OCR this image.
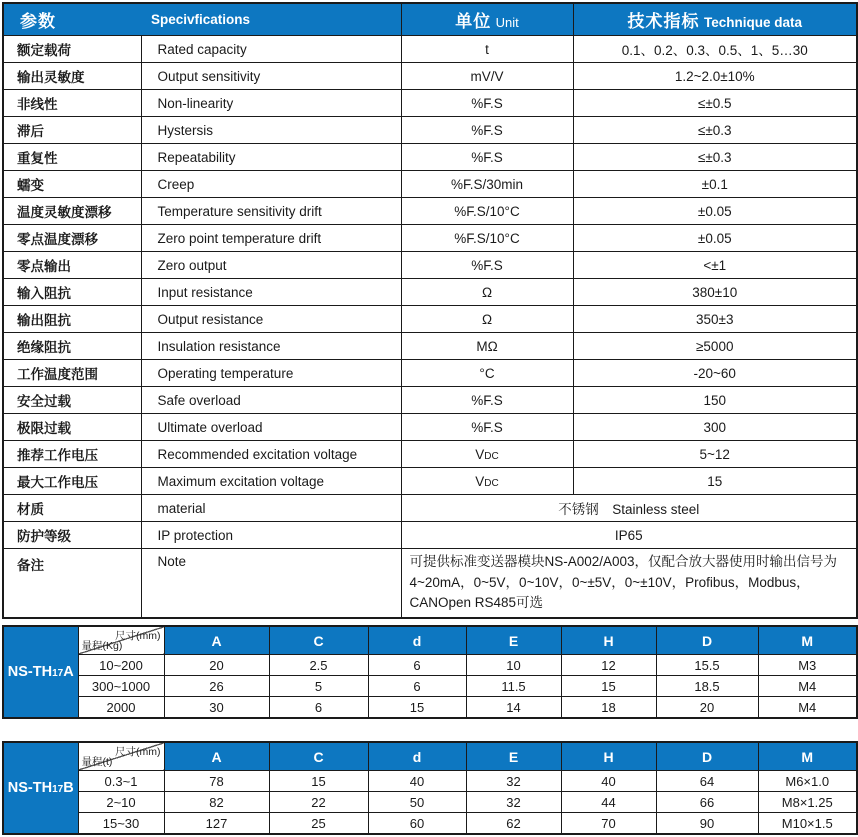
参数	Specivfications	单位 Unit	技术指标 Technique data
额定载荷	Rated capacity	t	0.1、0.2、0.3、0.5、1、5…30
输出灵敏度	Output sensitivity	mV/V	1.2~2.0±10%
非线性	Non-linearity	%F.S	≤±0.5
滞后	Hystersis	%F.S	≤±0.3
重复性	Repeatability	%F.S	≤±0.3
蠕变	Creep	%F.S/30min	±0.1
温度灵敏度漂移	Temperature sensitivity drift	%F.S/10°C	±0.05
零点温度漂移	Zero point temperature drift	%F.S/10°C	±0.05
零点输出	Zero output	%F.S	<±1
输入阻抗	Input resistance	Ω	380±10
输出阻抗	Output resistance	Ω	350±3
绝缘阻抗	Insulation resistance	MΩ	≥5000
工作温度范围	Operating temperature	°C	-20~60
安全过载	Safe overload	%F.S	150
极限过载	Ultimate overload	%F.S	300
推荐工作电压	Recommended excitation voltage	VDC	5~12
最大工作电压	Maximum excitation voltage	VDC	15
材质	material	不锈钢　Stainless steel	
防护等级	IP protection	IP65	
备注	Note	可提供标准变送器模块NS-A002/A003，仅配合放大器使用时输出信号为
4~20mA，0~5V，0~10V，0~±5V，0~±10V，Profibus，Modbus，
CANOpen RS485可选	
NS-TH17A	尺寸(mm)
量程(Kg)	A	C	d	E	H	D	M
	10~200	20	2.5	6	10	12	15.5	M3
	300~1000	26	5	6	11.5	15	18.5	M4
	2000	30	6	15	14	18	20	M4
NS-TH17B	尺寸(mm)
量程(t)	A	C	d	E	H	D	M
	0.3~1	78	15	40	32	40	64	M6×1.0
	2~10	82	22	50	32	44	66	M8×1.25
	15~30	127	25	60	62	70	90	M10×1.5
